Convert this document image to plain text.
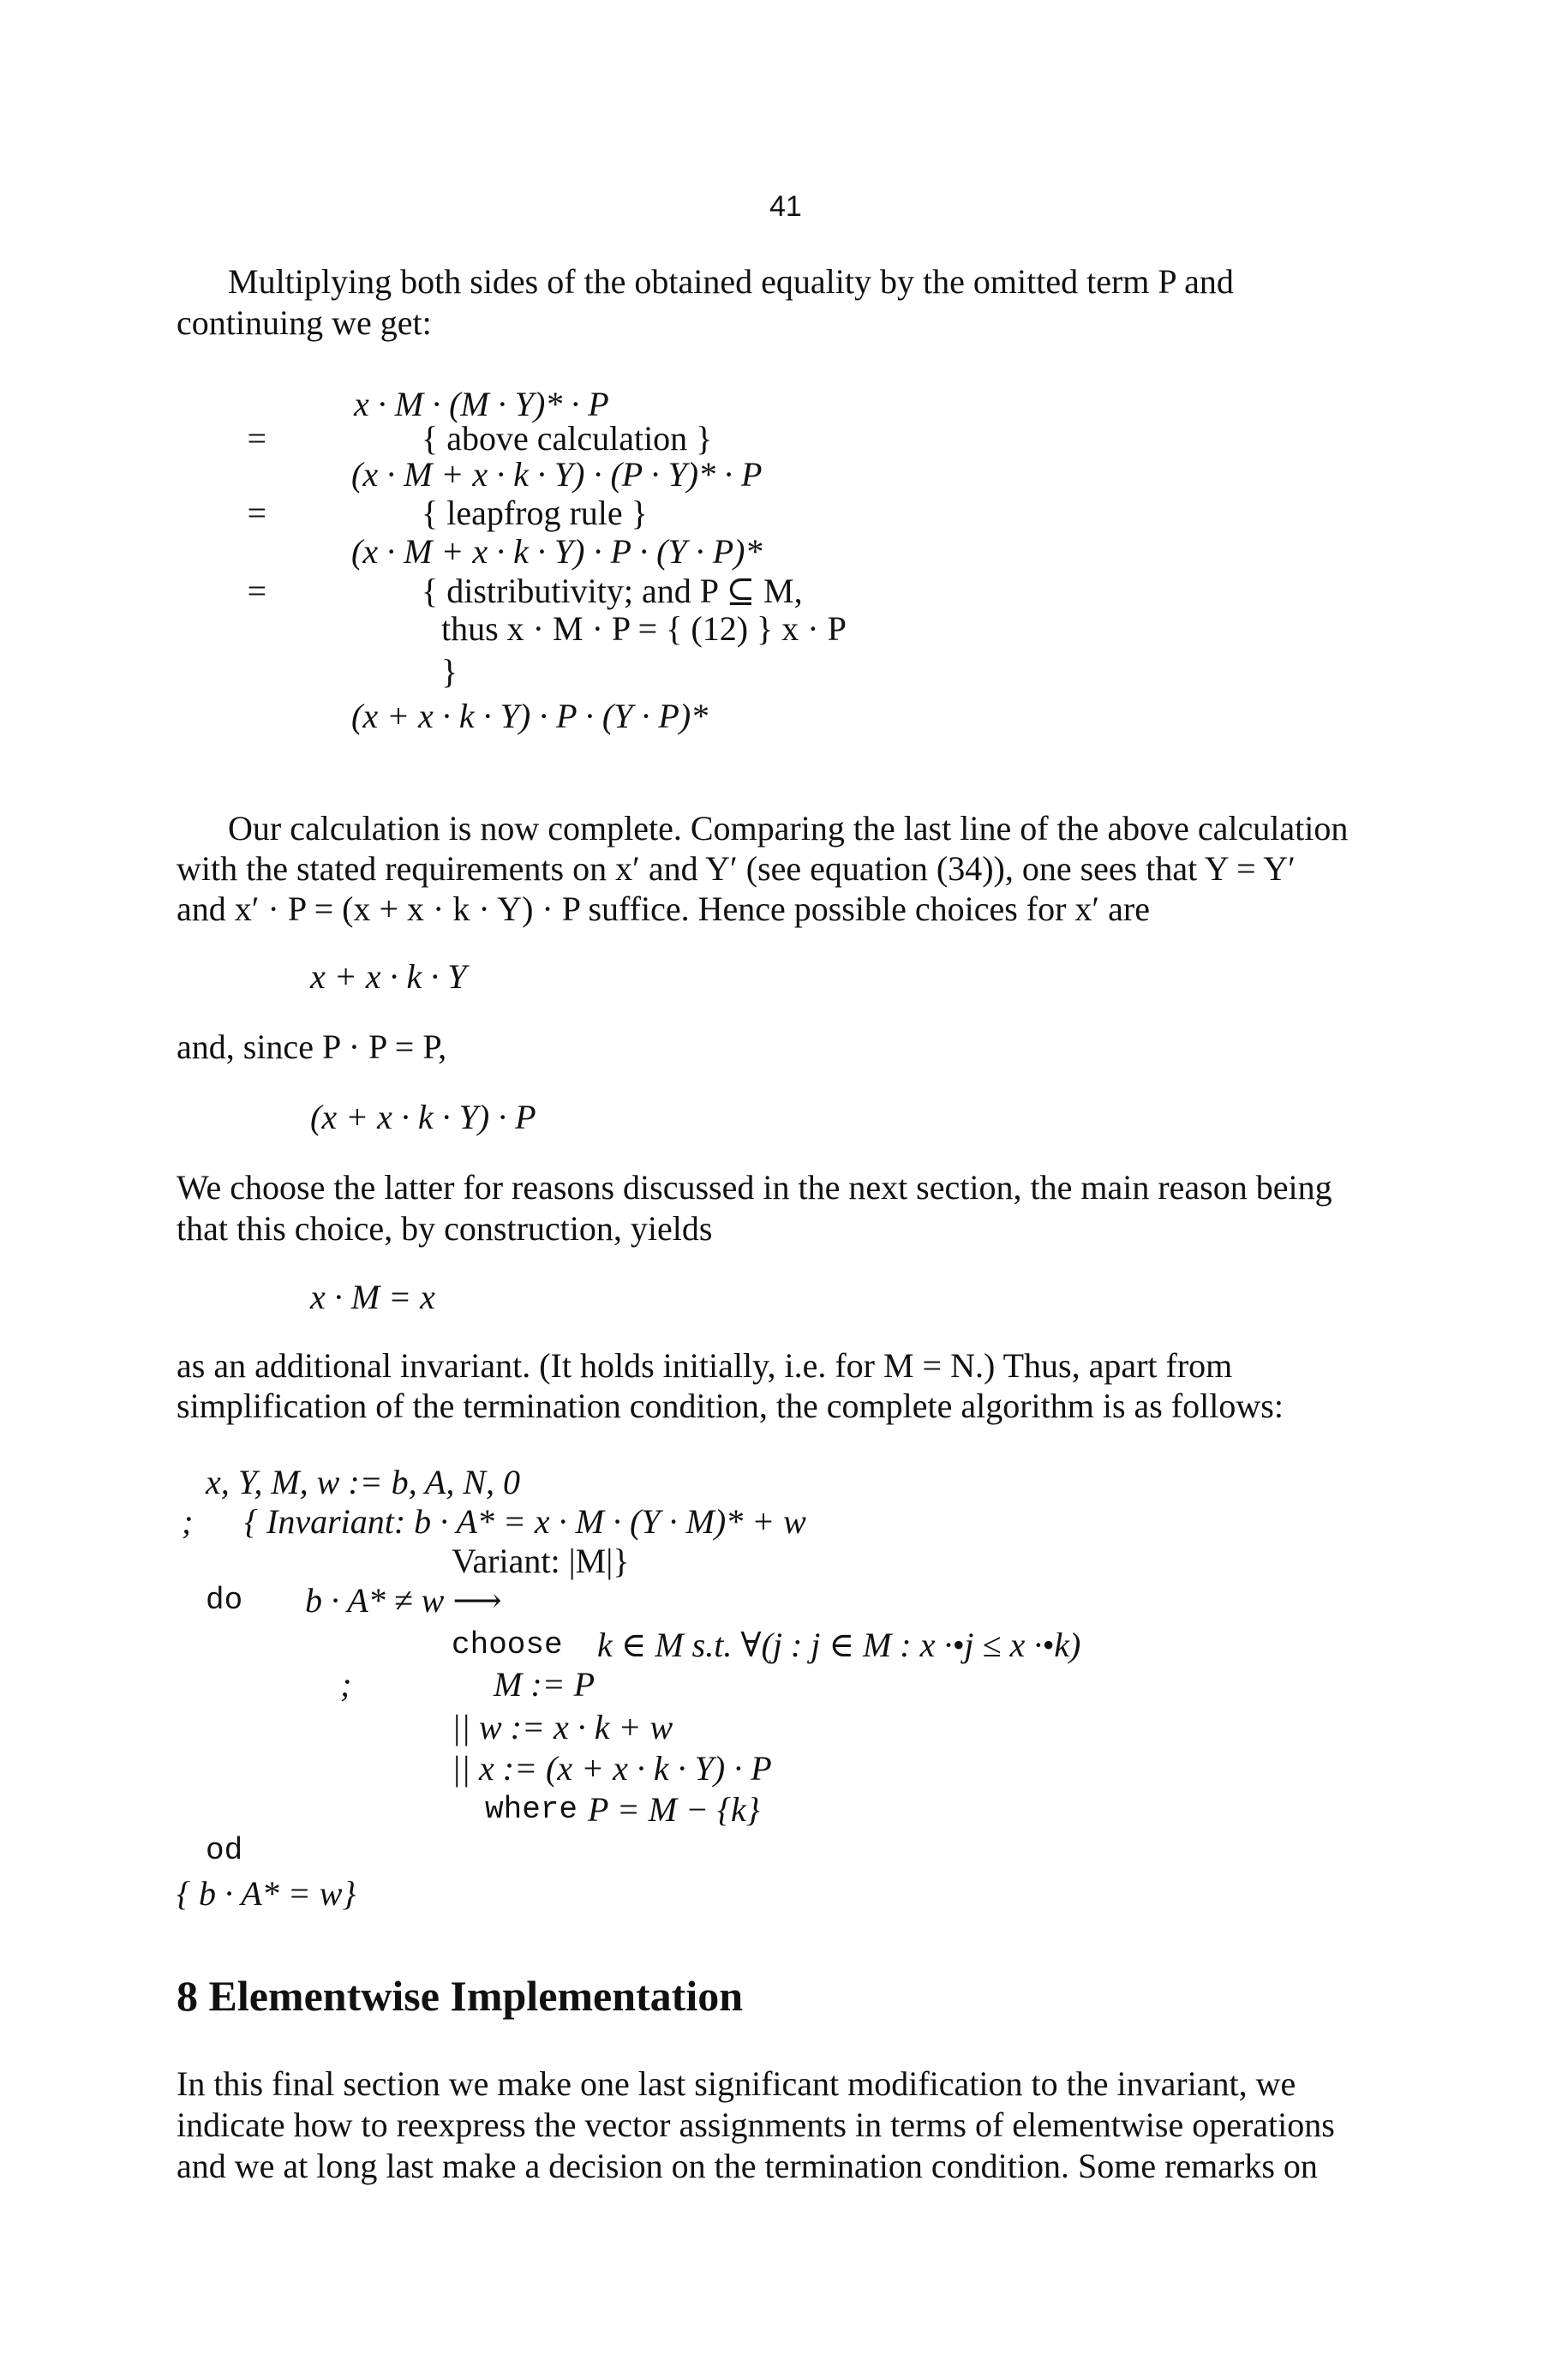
41
Multiplying both sides of the obtained equality by the omitted term P and
continuing we get:
x · M · (M · Y)* · P
=	{ above calculation }
(x · M + x · k · Y) · (P · Y)* · P
=	{ leapfrog rule }
(x · M + x · k · Y) · P · (Y · P)*
=	{ distributivity; and P ⊆ M,
thus x · M · P = { (12) } x · P
}
(x + x · k · Y) · P · (Y · P)*
Our calculation is now complete. Comparing the last line of the above calculation
with the stated requirements on x′ and Y′ (see equation (34)), one sees that Y = Y′
and x′ · P = (x + x · k · Y) · P suffice. Hence possible choices for x′ are
x + x · k · Y
and, since P · P = P,
(x + x · k · Y) · P
We choose the latter for reasons discussed in the next section, the main reason being
that this choice, by construction, yields
x · M = x
as an additional invariant. (It holds initially, i.e. for M = N.) Thus, apart from
simplification of the termination condition, the complete algorithm is as follows:
x, Y, M, w := b, A, N, 0
; { Invariant: b · A* = x · M · (Y · M)* + w
Variant: |M|}
do b · A* ≠ w ⟶
choose k ∈ M s.t. ∀(j : j ∈ M : x ·•j ≤ x ·•k)
;	M := P
|| w := x · k + w
|| x := (x + x · k · Y) · P
where P = M − {k}
od
{ b · A* = w}
8 Elementwise Implementation
In this final section we make one last significant modification to the invariant, we
indicate how to reexpress the vector assignments in terms of elementwise operations
and we at long last make a decision on the termination condition. Some remarks on
